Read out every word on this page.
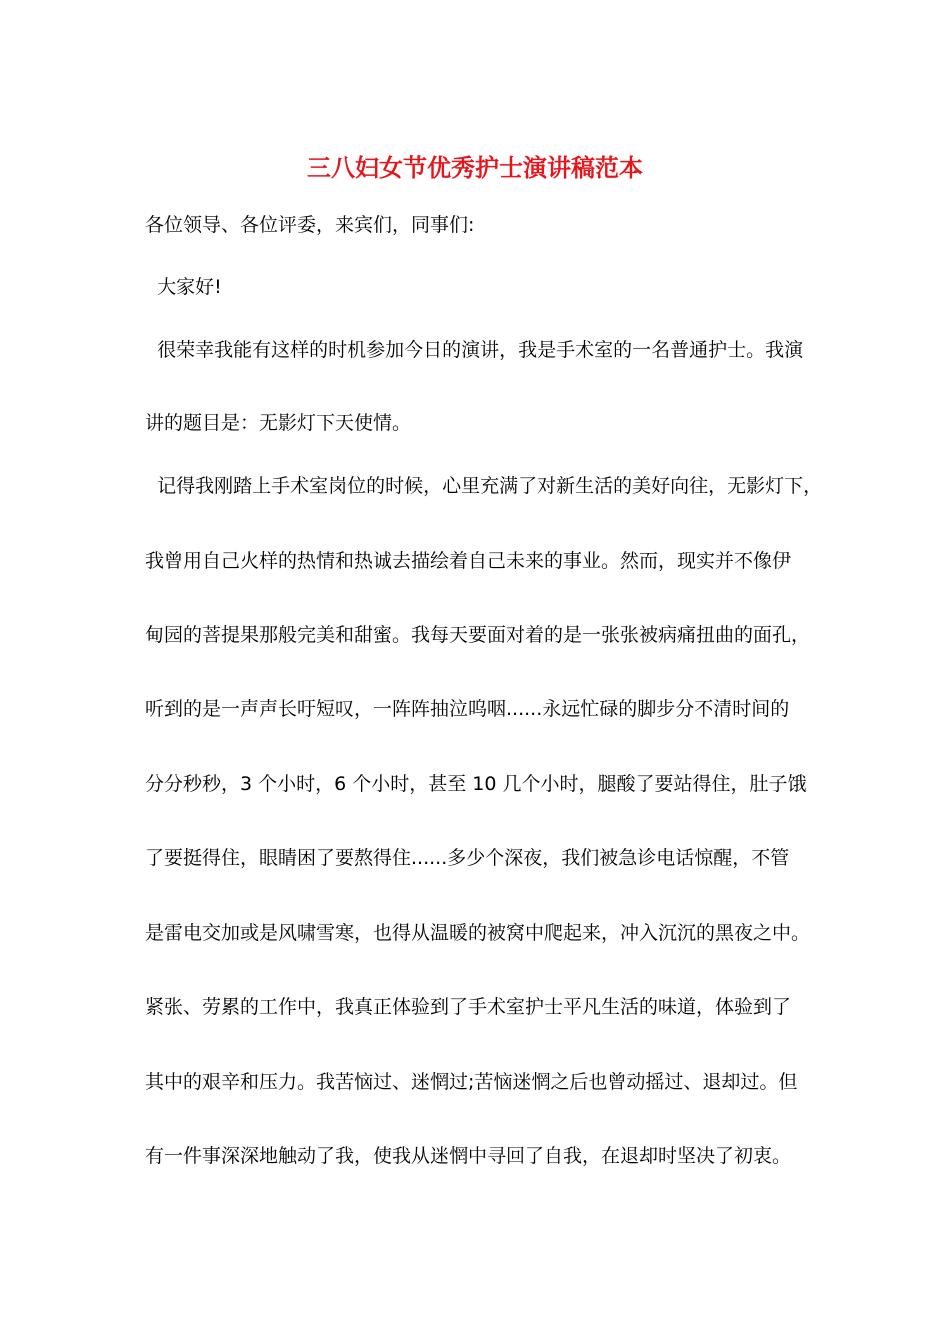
三八妇女节优秀护士演讲稿范本

各位领导、各位评委，来宾们，同事们:

大家好!

很荣幸我能有这样的时机参加今日的演讲，我是手术室的一名普通护士。我演

讲的题目是：无影灯下天使情。

记得我刚踏上手术室岗位的时候，心里充满了对新生活的美好向往，无影灯下，

我曾用自己火样的热情和热诚去描绘着自己未来的事业。然而，现实并不像伊

甸园的菩提果那般完美和甜蜜。我每天要面对着的是一张张被病痛扭曲的面孔，

听到的是一声声长吁短叹，一阵阵抽泣呜咽......永远忙碌的脚步分不清时间的

分分秒秒，3 个小时，6 个小时，甚至 10 几个小时，腿酸了要站得住，肚子饿

了要挺得住，眼睛困了要熬得住......多少个深夜，我们被急诊电话惊醒，不管

是雷电交加或是风啸雪寒，也得从温暖的被窝中爬起来，冲入沉沉的黑夜之中。

紧张、劳累的工作中，我真正体验到了手术室护士平凡生活的味道，体验到了

其中的艰辛和压力。我苦恼过、迷惘过;苦恼迷惘之后也曾动摇过、退却过。但

有一件事深深地触动了我，使我从迷惘中寻回了自我，在退却时坚决了初衷。
